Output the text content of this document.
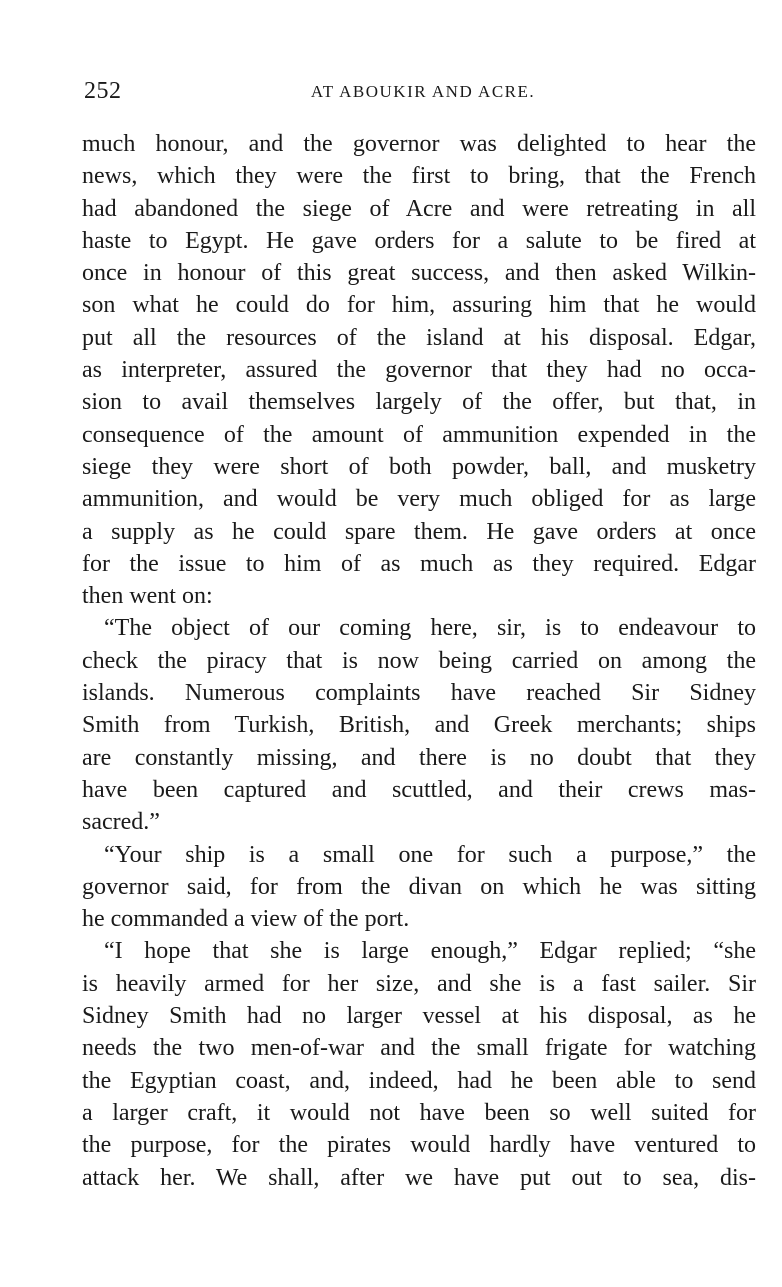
252	AT ABOUKIR AND ACRE.
much honour, and the governor was delighted to hear the
news, which they were the first to bring, that the French
had abandoned the siege of Acre and were retreating in all
haste to Egypt. He gave orders for a salute to be fired at
once in honour of this great success, and then asked Wilkin-
son what he could do for him, assuring him that he would
put all the resources of the island at his disposal. Edgar,
as interpreter, assured the governor that they had no occa-
sion to avail themselves largely of the offer, but that, in
consequence of the amount of ammunition expended in the
siege they were short of both powder, ball, and musketry
ammunition, and would be very much obliged for as large
a supply as he could spare them. He gave orders at once
for the issue to him of as much as they required. Edgar
then went on:
“The object of our coming here, sir, is to endeavour to
check the piracy that is now being carried on among the
islands. Numerous complaints have reached Sir Sidney
Smith from Turkish, British, and Greek merchants; ships
are constantly missing, and there is no doubt that they
have been captured and scuttled, and their crews mas-
sacred.”
“Your ship is a small one for such a purpose,” the
governor said, for from the divan on which he was sitting
he commanded a view of the port.
“I hope that she is large enough,” Edgar replied; “she
is heavily armed for her size, and she is a fast sailer. Sir
Sidney Smith had no larger vessel at his disposal, as he
needs the two men-of-war and the small frigate for watching
the Egyptian coast, and, indeed, had he been able to send
a larger craft, it would not have been so well suited for
the purpose, for the pirates would hardly have ventured to
attack her. We shall, after we have put out to sea, dis-
